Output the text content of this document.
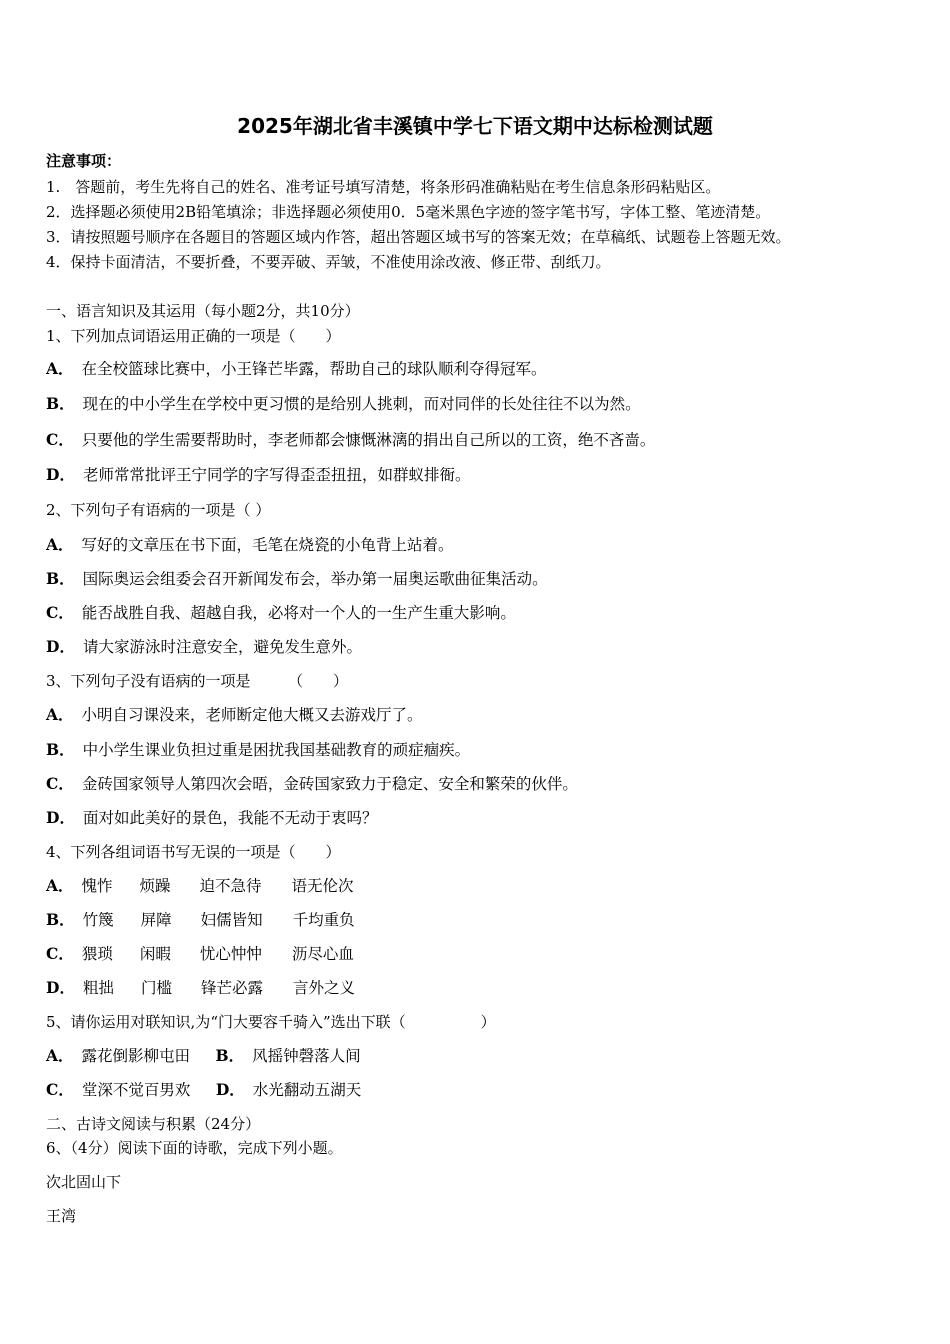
2025年湖北省丰溪镇中学七下语文期中达标检测试题
注意事项：
1.　答题前，考生先将自己的姓名、准考证号填写清楚，将条形码准确粘贴在考生信息条形码粘贴区。
2．选择题必须使用2B铅笔填涂；非选择题必须使用0．5毫米黑色字迹的签字笔书写，字体工整、笔迹清楚。
3．请按照题号顺序在各题目的答题区域内作答，超出答题区域书写的答案无效；在草稿纸、试题卷上答题无效。
4．保持卡面清洁，不要折叠，不要弄破、弄皱，不准使用涂改液、修正带、刮纸刀。
一、语言知识及其运用（每小题2分，共10分）
1、下列加点词语运用正确的一项是（　　）
A． 在全校篮球比赛中，小王锋芒毕露，帮助自己的球队顺利夺得冠军。
B． 现在的中小学生在学校中更习惯的是给别人挑刺，而对同伴的长处往往不以为然。
C． 只要他的学生需要帮助时，李老师都会慷慨淋漓的捐出自己所以的工资，绝不吝啬。
D． 老师常常批评王宁同学的字写得歪歪扭扭，如群蚁排衙。
2、下列句子有语病的一项是（ ）
A． 写好的文章压在书下面，毛笔在烧瓷的小龟背上站着。
B． 国际奥运会组委会召开新闻发布会，举办第一届奥运歌曲征集活动。
C． 能否战胜自我、超越自我，必将对一个人的一生产生重大影响。
D． 请大家游泳时注意安全，避免发生意外。
3、下列句子没有语病的一项是　　　（　　）
A． 小明自习课没来，老师断定他大概又去游戏厅了。
B． 中小学生课业负担过重是困扰我国基础教育的顽症痼疾。
C． 金砖国家领导人第四次会晤，金砖国家致力于稳定、安全和繁荣的伙伴。
D． 面对如此美好的景色，我能不无动于衷吗？
4、下列各组词语书写无误的一项是（　　）
A． 愧怍 烦躁 迫不急待 语无伦次
B． 竹篾 屏障 妇儒皆知 千均重负
C． 猥琐 闲暇 忧心忡忡 沥尽心血
D． 粗拙 门槛 锋芒必露 言外之义
5、请你运用对联知识,为“门大要容千骑入”选出下联（　　　　　）
A． 露花倒影柳屯田 B． 风摇钟磬落人间
C． 堂深不觉百男欢 D． 水光翻动五湖天
二、古诗文阅读与积累（24分）
6、（4分）阅读下面的诗歌，完成下列小题。
次北固山下
王湾
